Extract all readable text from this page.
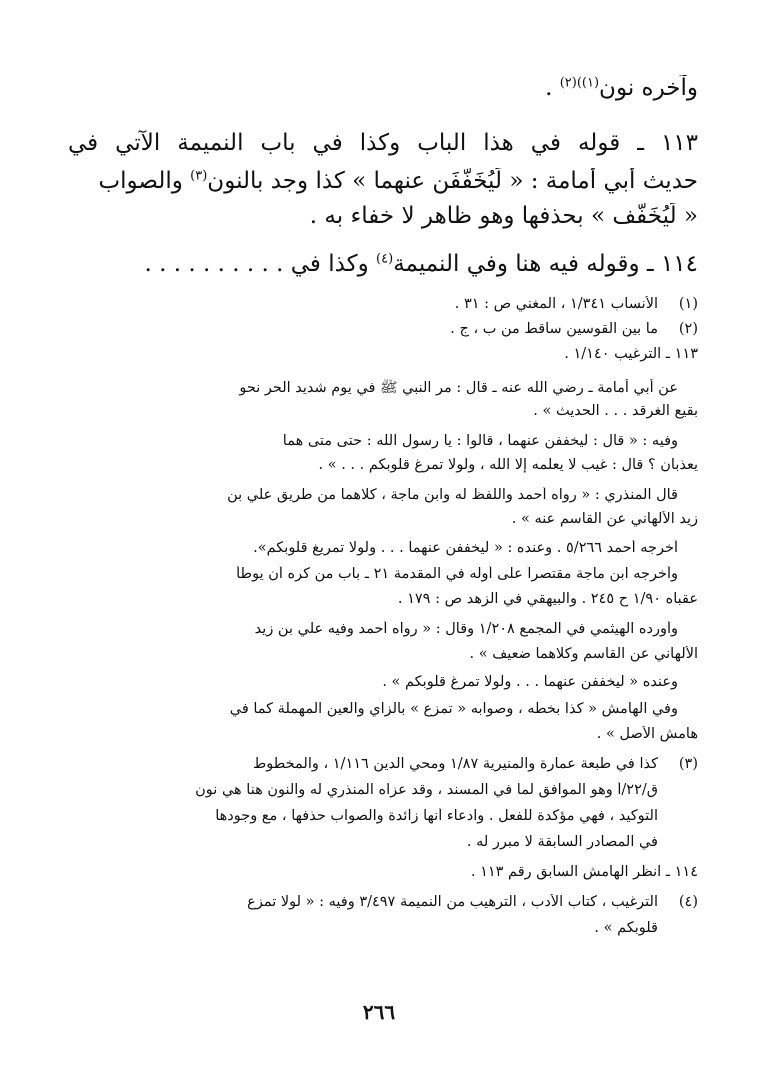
وآخره نون$^{(١))(٢)}$ .
١١٣ ـ قوله في هذا الباب وكذا في باب النميمة الآتي في
حديث أبي أمامة : « لَيُخَفَّفَن عنهما » كذا وجد بالنون$^{(٣)}$ والصواب
« لَيُخَفَّف » بحذفها وهو ظاهر لا خفاء به .
١١٤ ـ وقوله فيه هنا وفي النميمة$^{(٤)}$ وكذا في . . . . . . . . . .
(١)
الأنساب ١/٣٤١ ، المغني ص : ٣١ .
(٢)
ما بين القوسين ساقط من ب ، ج .
١١٣ ـ الترغيب ١/١٤٠ .
عن أبي أمامة ـ رضي الله عنه ـ قال : مر النبي ﷺ في يوم شديد الحر نحو
بقيع الغرقد . . . الحديث » .
وفيه : « قال : ليخففن عنهما ، قالوا : يا رسول الله : حتى متى هما
يعذبان ؟ قال : غيب لا يعلمه إلا الله ، ولولا تمرغ قلوبكم . . . » .
قال المنذري : « رواه أحمد واللفظ له وابن ماجة ، كلاهما من طريق علي بن
زيد الألهاني عن القاسم عنه » .
أخرجه أحمد ٥/٢٦٦ . وعنده : « ليخففن عنهما . . . ولولا تمريغ قلوبكم».
وأخرجه ابن ماجة مقتصراً على أوله في المقدمة ٢١ ـ باب من كره أن يوطأ
عقباه ١/٩٠ ح ٢٤٥ . والبيهقي في الزهد ص : ١٧٩ .
وأورده الهيثمي في المجمع ١/٢٠٨ وقال : « رواه أحمد وفيه علي بن زيد
الألهاني عن القاسم وكلاهما ضعيف » .
وعنده « ليخففن عنهما . . . ولولا تمرغ قلوبكم » .
وفي الهامش « كذا بخطه ، وصوابه « تمزع » بالزاي والعين المهملة كما في
هامش الأصل » .
(٣)
كذا في طبعة عمارة والمنيرية ١/٨٧ ومحي الدين ١/١١٦ ، والمخطوط
ق/٢٢/أ وهو الموافق لما في المسند ، وقد عزاه المنذري له والنون هنا هي نون
التوكيد ، فهي مؤكدة للفعل . وادعاء أنها زائدة والصواب حذفها ، مع وجودها
في المصادر السابقة لا مبرر له .
١١٤ ـ انظر الهامش السابق رقم ١١٣ .
(٤)
الترغيب ، كتاب الأدب ، الترهيب من النميمة ٣/٤٩٧ وفيه : « لولا تمزع
قلوبكم » .
٢٦٦
